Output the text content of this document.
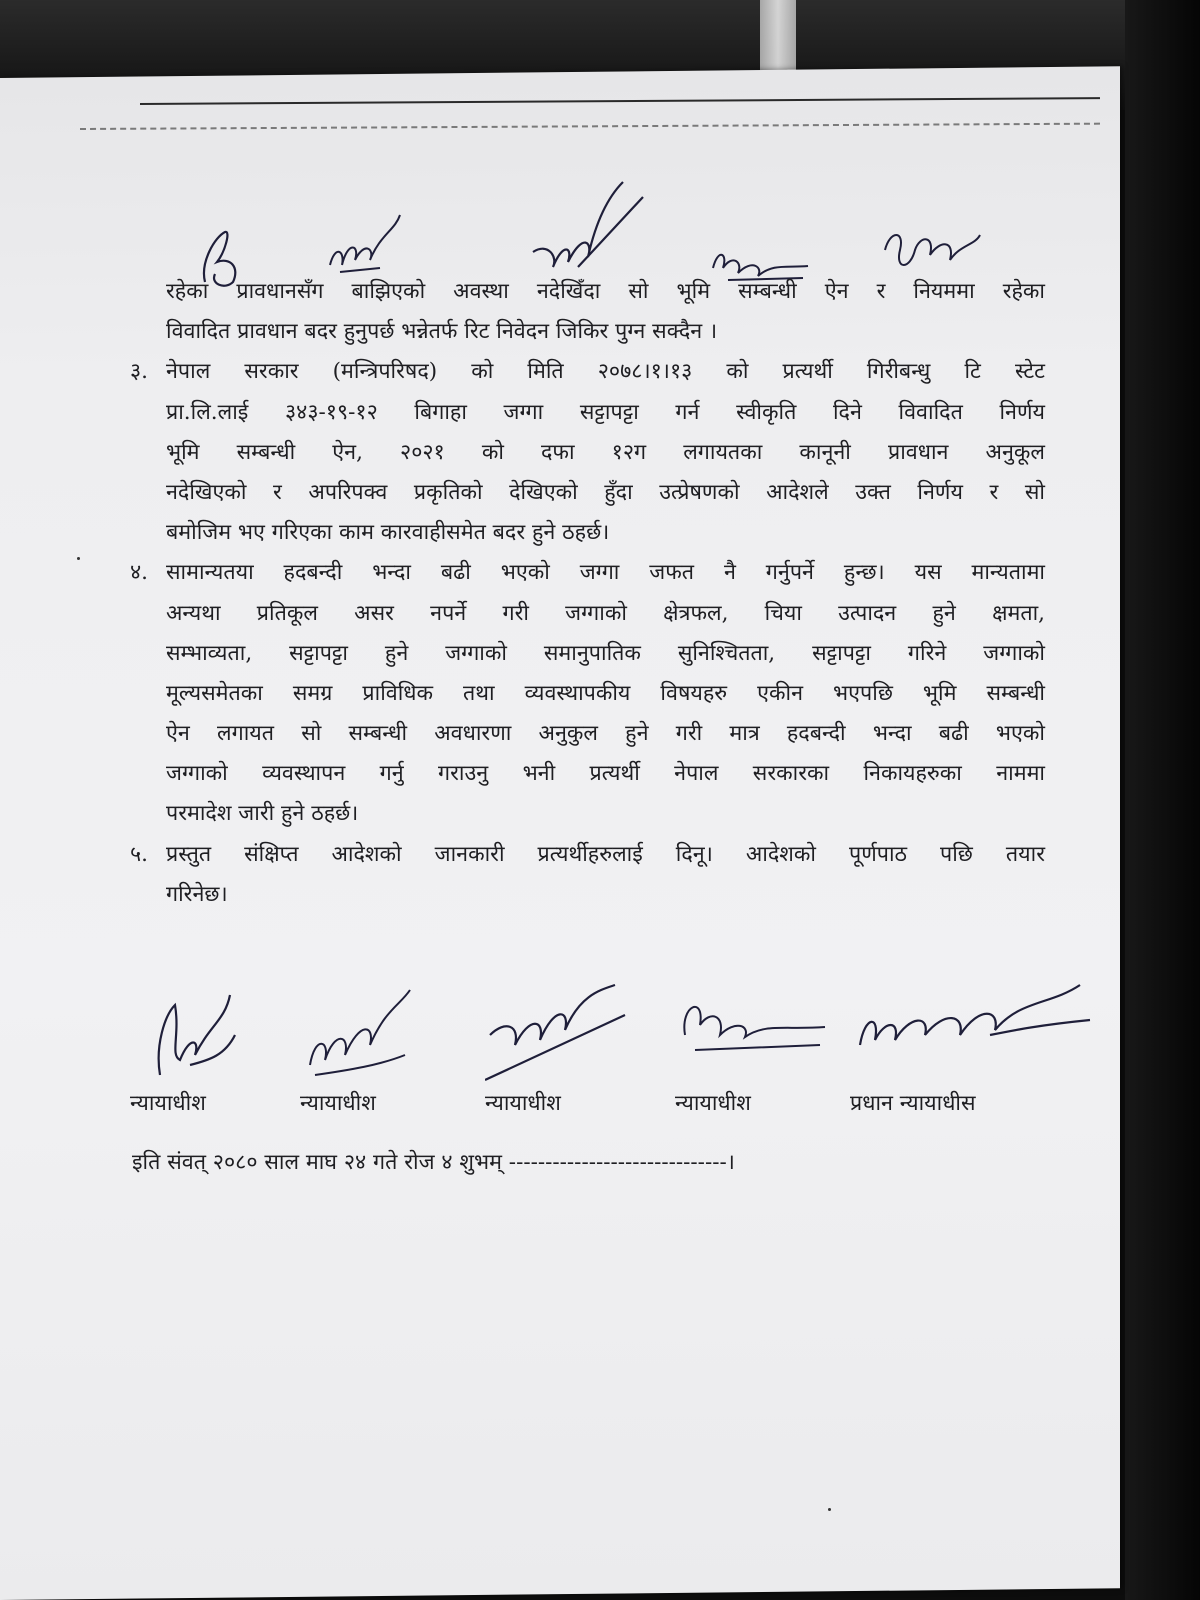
रहेका प्रावधानसँग बाझिएको अवस्था नदेखिँदा सो भूमि सम्बन्धी ऐन र नियममा रहेका
विवादित प्रावधान बदर हुनुपर्छ भन्नेतर्फ रिट निवेदन जिकिर पुग्न सक्दैन ।
३. नेपाल सरकार (मन्त्रिपरिषद) को मिति २०७८।१।१३ को प्रत्यर्थी गिरीबन्धु टि स्टेट
प्रा.लि.लाई ३४३-१९-१२ बिगाहा जग्गा सट्टापट्टा गर्न स्वीकृति दिने विवादित निर्णय
भूमि सम्बन्धी ऐन, २०२१ को दफा १२ग लगायतका कानूनी प्रावधान अनुकूल
नदेखिएको र अपरिपक्व प्रकृतिको देखिएको हुँदा उत्प्रेषणको आदेशले उक्त निर्णय र सो
बमोजिम भए गरिएका काम कारवाहीसमेत बदर हुने ठहर्छ।
४. सामान्यतया हदबन्दी भन्दा बढी भएको जग्गा जफत नै गर्नुपर्ने हुन्छ। यस मान्यतामा
अन्यथा प्रतिकूल असर नपर्ने गरी जग्गाको क्षेत्रफल, चिया उत्पादन हुने क्षमता,
सम्भाव्यता, सट्टापट्टा हुने जग्गाको समानुपातिक सुनिश्चितता, सट्टापट्टा गरिने जग्गाको
मूल्यसमेतका समग्र प्राविधिक तथा व्यवस्थापकीय विषयहरु एकीन भएपछि भूमि सम्बन्धी
ऐन लगायत सो सम्बन्धी अवधारणा अनुकुल हुने गरी मात्र हदबन्दी भन्दा बढी भएको
जग्गाको व्यवस्थापन गर्नु गराउनु भनी प्रत्यर्थी नेपाल सरकारका निकायहरुका नाममा
परमादेश जारी हुने ठहर्छ।
५. प्रस्तुत संक्षिप्त आदेशको जानकारी प्रत्यर्थीहरुलाई दिनू। आदेशको पूर्णपाठ पछि तयार
गरिनेछ।
न्यायाधीश	न्यायाधीश	न्यायाधीश	न्यायाधीश	प्रधान न्यायाधीस
इति संवत् २०८० साल माघ २४ गते रोज ४ शुभम् ------------------------------।
